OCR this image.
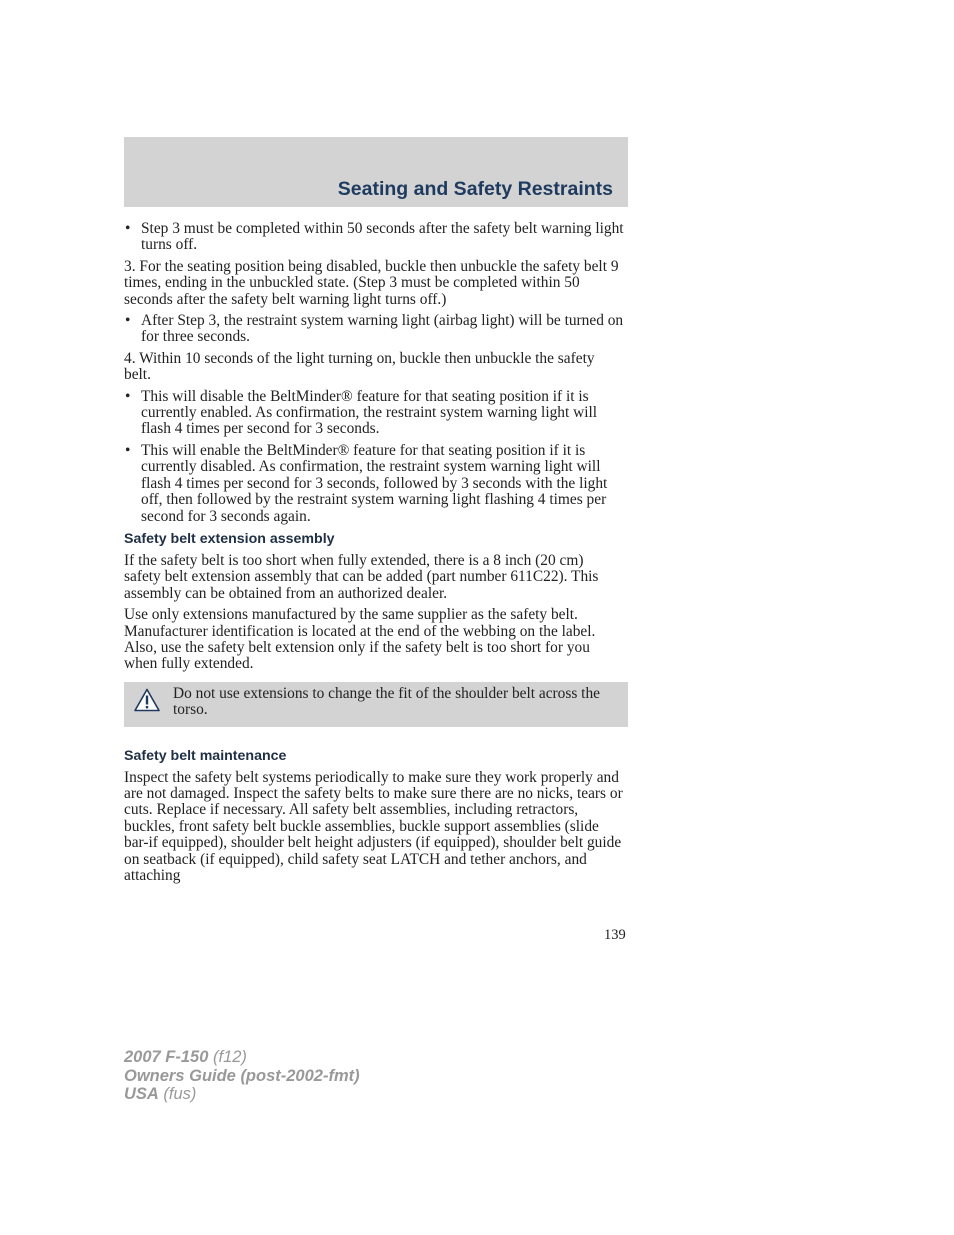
Seating and Safety Restraints
• Step 3 must be completed within 50 seconds after the safety belt warning light turns off.

3. For the seating position being disabled, buckle then unbuckle the safety belt 9 times, ending in the unbuckled state. (Step 3 must be completed within 50 seconds after the safety belt warning light turns off.)

• After Step 3, the restraint system warning light (airbag light) will be turned on for three seconds.

4. Within 10 seconds of the light turning on, buckle then unbuckle the safety belt.

• This will disable the BeltMinder® feature for that seating position if it is currently enabled. As confirmation, the restraint system warning light will flash 4 times per second for 3 seconds.
• This will enable the BeltMinder® feature for that seating position if it is currently disabled. As confirmation, the restraint system warning light will flash 4 times per second for 3 seconds, followed by 3 seconds with the light off, then followed by the restraint system warning light flashing 4 times per second for 3 seconds again.
Safety belt extension assembly

If the safety belt is too short when fully extended, there is a 8 inch (20 cm) safety belt extension assembly that can be added (part number 611C22). This assembly can be obtained from an authorized dealer.

Use only extensions manufactured by the same supplier as the safety belt. Manufacturer identification is located at the end of the webbing on the label. Also, use the safety belt extension only if the safety belt is too short for you when fully extended.

Do not use extensions to change the fit of the shoulder belt across the torso.
Safety belt maintenance

Inspect the safety belt systems periodically to make sure they work properly and are not damaged. Inspect the safety belts to make sure there are no nicks, tears or cuts. Replace if necessary. All safety belt assemblies, including retractors, buckles, front safety belt buckle assemblies, buckle support assemblies (slide bar-if equipped), shoulder belt height adjusters (if equipped), shoulder belt guide on seatback (if equipped), child safety seat LATCH and tether anchors, and attaching

139
2007 F-150 (f12)
Owners Guide (post-2002-fmt)
USA (fus)
